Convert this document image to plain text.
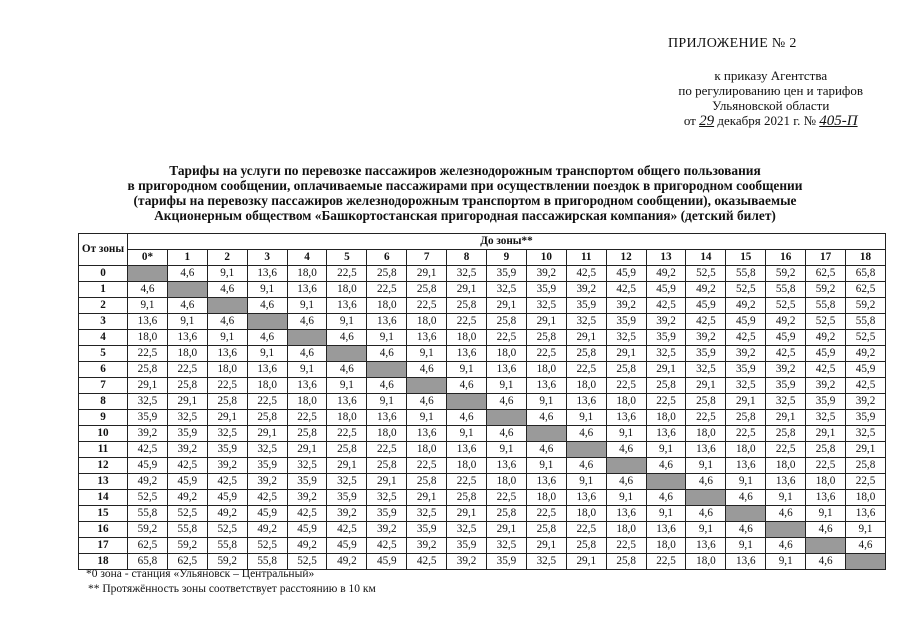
ПРИЛОЖЕНИЕ № 2
к приказу Агентства
по регулированию цен и тарифов
Ульяновской области
от 29 декабря 2021 г. № 405-П
Тарифы на услуги по перевозке пассажиров железнодорожным транспортом общего пользования
в пригородном сообщении, оплачиваемые пассажирами при осуществлении поездок в пригородном сообщении
(тарифы на перевозку пассажиров железнодорожным транспортом в пригородном сообщении), оказываемые
Акционерным обществом «Башкортостанская пригородная пассажирская компания» (детский билет)
От зоны	До зоны**																		
	0*	1	2	3	4	5	6	7	8	9	10	11	12	13	14	15	16	17	18
0		4,6	9,1	13,6	18,0	22,5	25,8	29,1	32,5	35,9	39,2	42,5	45,9	49,2	52,5	55,8	59,2	62,5	65,8
1	4,6		4,6	9,1	13,6	18,0	22,5	25,8	29,1	32,5	35,9	39,2	42,5	45,9	49,2	52,5	55,8	59,2	62,5
2	9,1	4,6		4,6	9,1	13,6	18,0	22,5	25,8	29,1	32,5	35,9	39,2	42,5	45,9	49,2	52,5	55,8	59,2
3	13,6	9,1	4,6		4,6	9,1	13,6	18,0	22,5	25,8	29,1	32,5	35,9	39,2	42,5	45,9	49,2	52,5	55,8
4	18,0	13,6	9,1	4,6		4,6	9,1	13,6	18,0	22,5	25,8	29,1	32,5	35,9	39,2	42,5	45,9	49,2	52,5
5	22,5	18,0	13,6	9,1	4,6		4,6	9,1	13,6	18,0	22,5	25,8	29,1	32,5	35,9	39,2	42,5	45,9	49,2
6	25,8	22,5	18,0	13,6	9,1	4,6		4,6	9,1	13,6	18,0	22,5	25,8	29,1	32,5	35,9	39,2	42,5	45,9
7	29,1	25,8	22,5	18,0	13,6	9,1	4,6		4,6	9,1	13,6	18,0	22,5	25,8	29,1	32,5	35,9	39,2	42,5
8	32,5	29,1	25,8	22,5	18,0	13,6	9,1	4,6		4,6	9,1	13,6	18,0	22,5	25,8	29,1	32,5	35,9	39,2
9	35,9	32,5	29,1	25,8	22,5	18,0	13,6	9,1	4,6		4,6	9,1	13,6	18,0	22,5	25,8	29,1	32,5	35,9
10	39,2	35,9	32,5	29,1	25,8	22,5	18,0	13,6	9,1	4,6		4,6	9,1	13,6	18,0	22,5	25,8	29,1	32,5
11	42,5	39,2	35,9	32,5	29,1	25,8	22,5	18,0	13,6	9,1	4,6		4,6	9,1	13,6	18,0	22,5	25,8	29,1
12	45,9	42,5	39,2	35,9	32,5	29,1	25,8	22,5	18,0	13,6	9,1	4,6		4,6	9,1	13,6	18,0	22,5	25,8
13	49,2	45,9	42,5	39,2	35,9	32,5	29,1	25,8	22,5	18,0	13,6	9,1	4,6		4,6	9,1	13,6	18,0	22,5
14	52,5	49,2	45,9	42,5	39,2	35,9	32,5	29,1	25,8	22,5	18,0	13,6	9,1	4,6		4,6	9,1	13,6	18,0
15	55,8	52,5	49,2	45,9	42,5	39,2	35,9	32,5	29,1	25,8	22,5	18,0	13,6	9,1	4,6		4,6	9,1	13,6
16	59,2	55,8	52,5	49,2	45,9	42,5	39,2	35,9	32,5	29,1	25,8	22,5	18,0	13,6	9,1	4,6		4,6	9,1
17	62,5	59,2	55,8	52,5	49,2	45,9	42,5	39,2	35,9	32,5	29,1	25,8	22,5	18,0	13,6	9,1	4,6		4,6
18	65,8	62,5	59,2	55,8	52,5	49,2	45,9	42,5	39,2	35,9	32,5	29,1	25,8	22,5	18,0	13,6	9,1	4,6	
*0 зона - станция «Ульяновск – Центральный»
** Протяжённость зоны соответствует расстоянию в 10 км
